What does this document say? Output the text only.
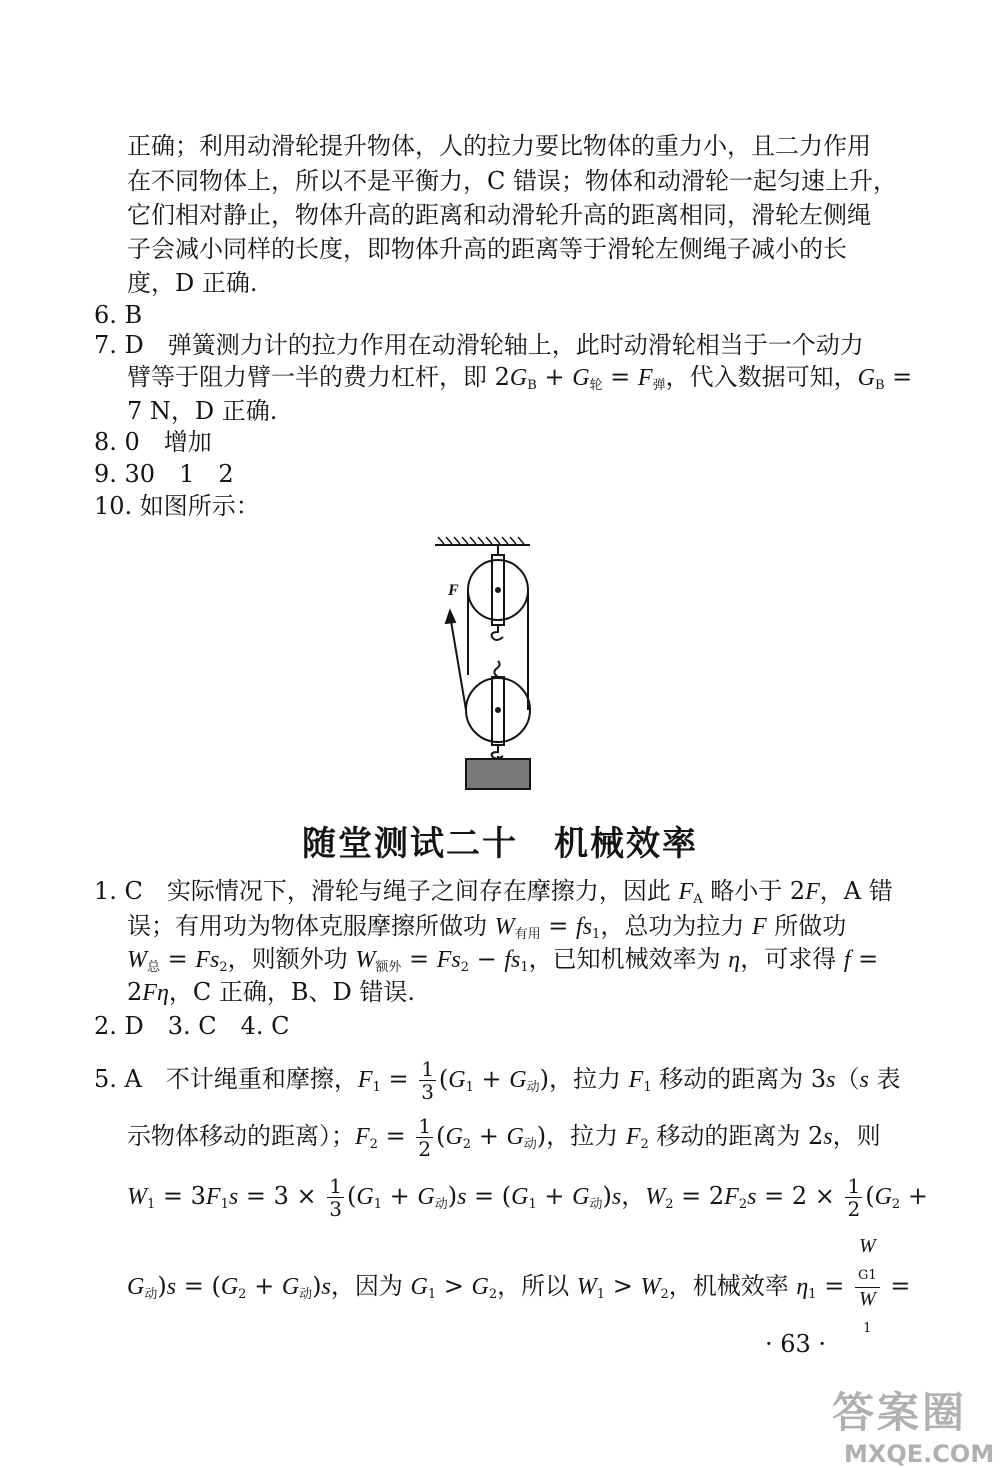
正确；利用动滑轮提升物体，人的拉力要比物体的重力小，且二力作用
在不同物体上，所以不是平衡力，C 错误；物体和动滑轮一起匀速上升，
它们相对静止，物体升高的距离和动滑轮升高的距离相同，滑轮左侧绳
子会减小同样的长度，即物体升高的距离等于滑轮左侧绳子减小的长
度，D 正确.
6. B
7. D　弹簧测力计的拉力作用在动滑轮轴上，此时动滑轮相当于一个动力
臂等于阻力臂一半的费力杠杆，即 $2G_B + G_轮 = F_弹$，代入数据可知，$G_B$ =
7 N，D 正确.
8. 0　增加
9. 30　1　2
10. 如图所示：
F
随堂测试二十　机械效率
1. C　实际情况下，滑轮与绳子之间存在摩擦力，因此 $F_A$ 略小于 2F，A 错
误；有用功为物体克服摩擦所做功 $W_{有用} = fs_1$，总功为拉力 F 所做功
$W_总 = Fs_2$，则额外功 $W_{额外} = Fs_2 - fs_1$，已知机械效率为 η，可求得 f =
2Fη，C 正确，B、D 错误.
2. D　3. C　4. C
5. A　不计绳重和摩擦，$F_1 = \frac{1}{3} (G_1 + G_动)$，拉力 $F_1$ 移动的距离为 3s（s 表
示物体移动的距离）；$F_2 = \frac{1}{2} (G_2 + G_动)$，拉力 $F_2$ 移动的距离为 2s，则
$W_1 = 3F_1s = 3 \times \frac{1}{3} (G_1 + G_动)s = (G_1 + G_动)s$，$W_2 = 2F_2s = 2 \times \frac{1}{2} (G_2$ +
$G_动)s = (G_2 + G_动)s$，因为 $G_1 > G_2$，所以 $W_1 > W_2$，机械效率 $\eta_1 = W$
$_{G1}$
W
$_1$ =
· 63 ·
答案圈
MXQE.COM
